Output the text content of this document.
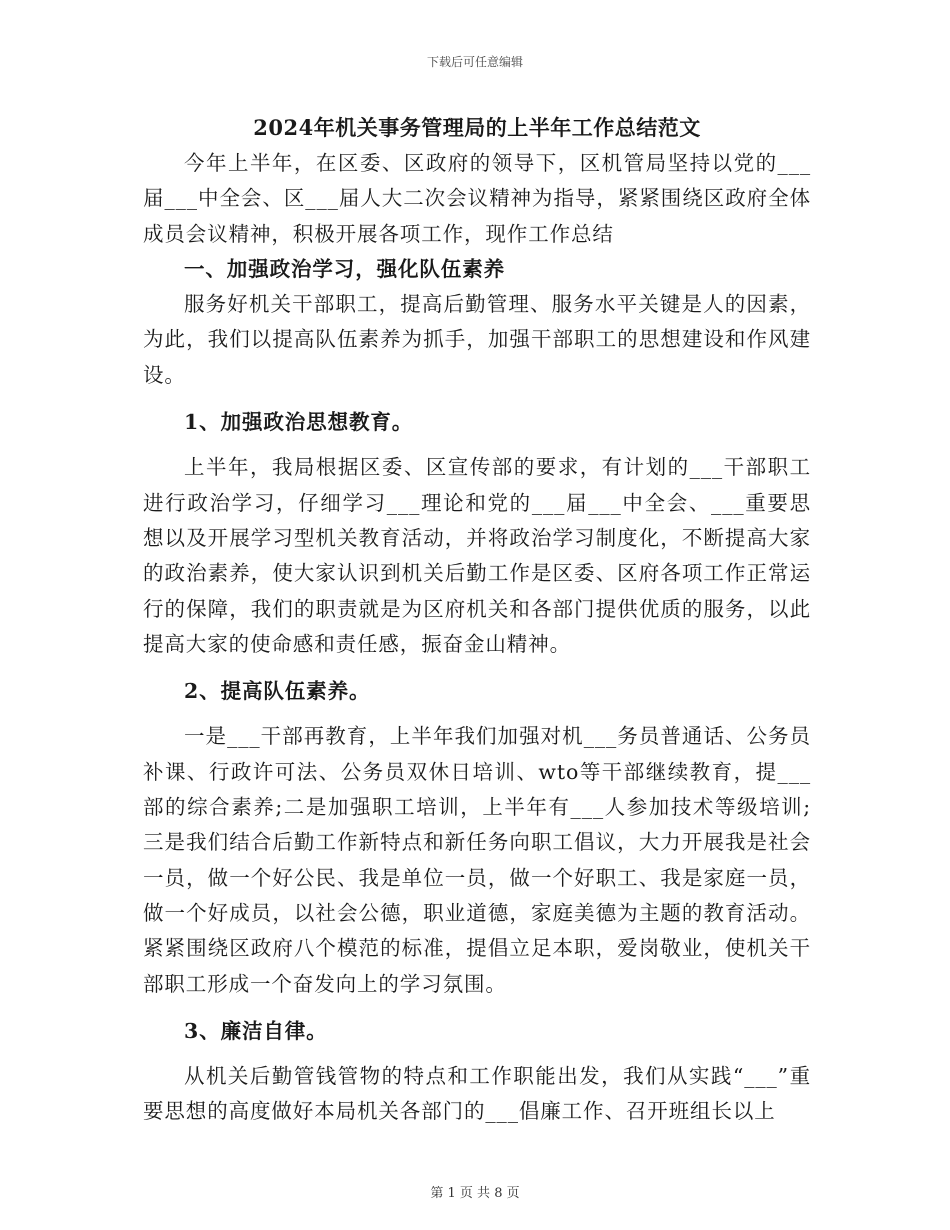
下载后可任意编辑
2024年机关事务管理局的上半年工作总结范文

今年上半年，在区委、区政府的领导下，区机管局坚持以党的___届___中全会、区___届人大二次会议精神为指导，紧紧围绕区政府全体成员会议精神，积极开展各项工作，现作工作总结

一、加强政治学习，强化队伍素养

服务好机关干部职工，提高后勤管理、服务水平关键是人的因素，为此，我们以提高队伍素养为抓手，加强干部职工的思想建设和作风建设。

1、加强政治思想教育。

上半年，我局根据区委、区宣传部的要求，有计划的___干部职工进行政治学习，仔细学习___理论和党的___届___中全会、___重要思想以及开展学习型机关教育活动，并将政治学习制度化，不断提高大家的政治素养，使大家认识到机关后勤工作是区委、区府各项工作正常运行的保障，我们的职责就是为区府机关和各部门提供优质的服务，以此提高大家的使命感和责任感，振奋金山精神。

2、提高队伍素养。

一是___干部再教育，上半年我们加强对机___务员普通话、公务员补课、行政许可法、公务员双休日培训、wto等干部继续教育，提___部的综合素养;二是加强职工培训，上半年有___人参加技术等级培训;三是我们结合后勤工作新特点和新任务向职工倡议，大力开展我是社会一员，做一个好公民、我是单位一员，做一个好职工、我是家庭一员，做一个好成员，以社会公德，职业道德，家庭美德为主题的教育活动。紧紧围绕区政府八个模范的标准，提倡立足本职，爱岗敬业，使机关干部职工形成一个奋发向上的学习氛围。

3、廉洁自律。

从机关后勤管钱管物的特点和工作职能出发，我们从实践“___”重要思想的高度做好本局机关各部门的___倡廉工作、召开班组长以上

第 1 页 共 8 页
